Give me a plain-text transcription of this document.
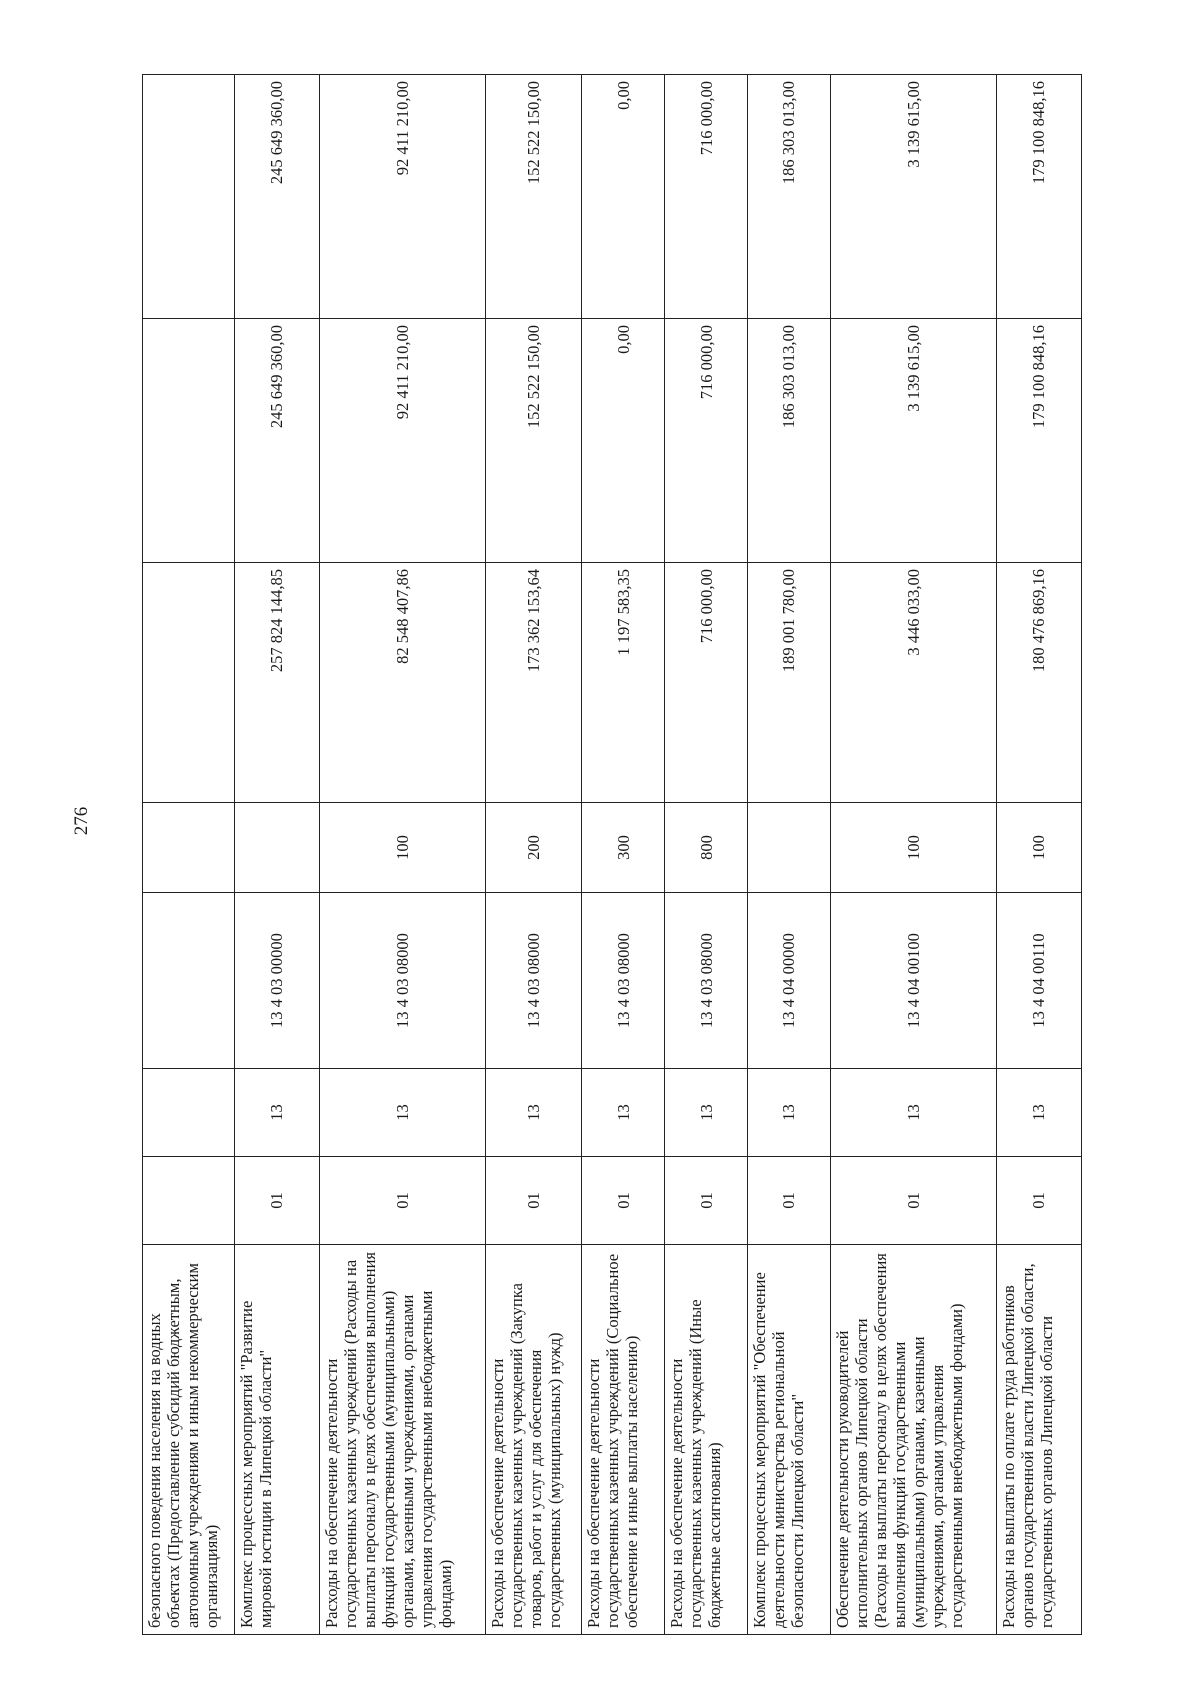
276
безопасного поведения населения на водных объектах (Предоставление субсидий бюджетным, автономным учреждениям и иным некоммерческим организациям)							
Комплекс процессных мероприятий "Развитие мировой юстиции в Липецкой области"	01	13	13 4 03 00000		257 824 144,85	245 649 360,00	245 649 360,00
Расходы на обеспечение деятельности государственных казенных учреждений (Расходы на выплаты персоналу в целях обеспечения выполнения функций государственными (муниципальными) органами, казенными учреждениями, органами управления государственными внебюджетными фондами)	01	13	13 4 03 08000	100	82 548 407,86	92 411 210,00	92 411 210,00
Расходы на обеспечение деятельности государственных казенных учреждений (Закупка товаров, работ и услуг для обеспечения государственных (муниципальных) нужд)	01	13	13 4 03 08000	200	173 362 153,64	152 522 150,00	152 522 150,00
Расходы на обеспечение деятельности государственных казенных учреждений (Социальное обеспечение и иные выплаты населению)	01	13	13 4 03 08000	300	1 197 583,35	0,00	0,00
Расходы на обеспечение деятельности государственных казенных учреждений (Иные бюджетные ассигнования)	01	13	13 4 03 08000	800	716 000,00	716 000,00	716 000,00
Комплекс процессных мероприятий "Обеспечение деятельности министерства региональной безопасности Липецкой области"	01	13	13 4 04 00000		189 001 780,00	186 303 013,00	186 303 013,00
Обеспечение деятельности руководителей исполнительных органов Липецкой области (Расходы на выплаты персоналу в целях обеспечения выполнения функций государственными (муниципальными) органами, казенными учреждениями, органами управления государственными внебюджетными фондами)	01	13	13 4 04 00100	100	3 446 033,00	3 139 615,00	3 139 615,00
Расходы на выплаты по оплате труда работников органов государственной власти Липецкой области, государственных органов Липецкой области	01	13	13 4 04 00110	100	180 476 869,16	179 100 848,16	179 100 848,16
